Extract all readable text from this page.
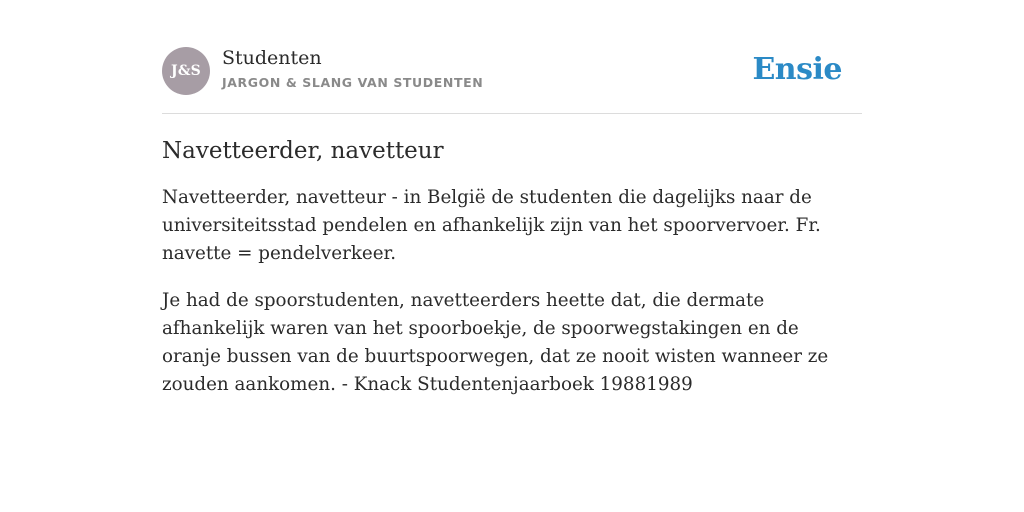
J&S
Studenten
JARGON & SLANG VAN STUDENTEN	Ensie
Navetteerder, navetteur

Navetteerder, navetteur - in België de studenten die dagelijks naar de universiteitsstad pendelen en afhankelijk zijn van het spoorvervoer. Fr. navette = pendelverkeer.

Je had de spoorstudenten, navetteerders heette dat, die dermate afhankelijk waren van het spoorboekje, de spoorwegstakingen en de oranje bussen van de buurtspoorwegen, dat ze nooit wisten wanneer ze zouden aankomen. - Knack Studentenjaarboek 19881989
